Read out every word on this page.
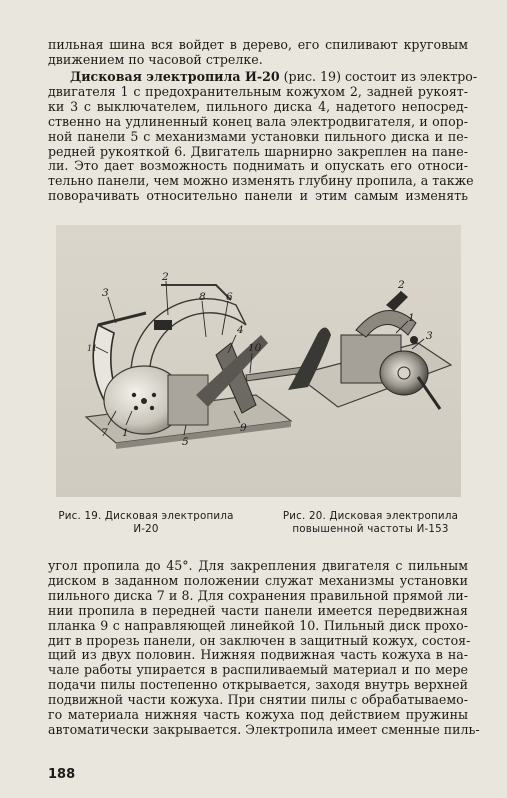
пильная шина вся войдет в дерево, его спиливают круговым
движением по часовой стрелке.

Дисковая электропила И-20 (рис. 19) состоит из электро-
двигателя 1 с предохранительным кожухом 2, задней рукоят-
ки 3 с выключателем, пильного диска 4, надетого непосред-
ственно на удлиненный конец вала электродвигателя, и опор-
ной панели 5 с механизмами установки пильного диска и пе-
редней рукояткой 6. Двигатель шарнирно закреплен на пане-
ли. Это дает возможность поднимать и опускать его относи-
тельно панели, чем можно изменять глубину пропила, а также
поворачивать относительно панели и этим самым изменять

3
11
2
8 6
4
10
7 1
5
9
2
1
3
Рис. 19. Дисковая электропила
И-20
Рис. 20. Дисковая электропила
повышенной частоты И-153

угол пропила до 45°. Для закрепления двигателя с пильным
диском в заданном положении служат механизмы установки
пильного диска 7 и 8. Для сохранения правильной прямой ли-
нии пропила в передней части панели имеется передвижная
планка 9 с направляющей линейкой 10. Пильный диск прохо-
дит в прорезь панели, он заключен в защитный кожух, состоя-
щий из двух половин. Нижняя подвижная часть кожуха в на-
чале работы упирается в распиливаемый материал и по мере
подачи пилы постепенно открывается, заходя внутрь верхней
подвижной части кожуха. При снятии пилы с обрабатываемо-
го материала нижняя часть кожуха под действием пружины
автоматически закрывается. Электропила имеет сменные пиль-

188
